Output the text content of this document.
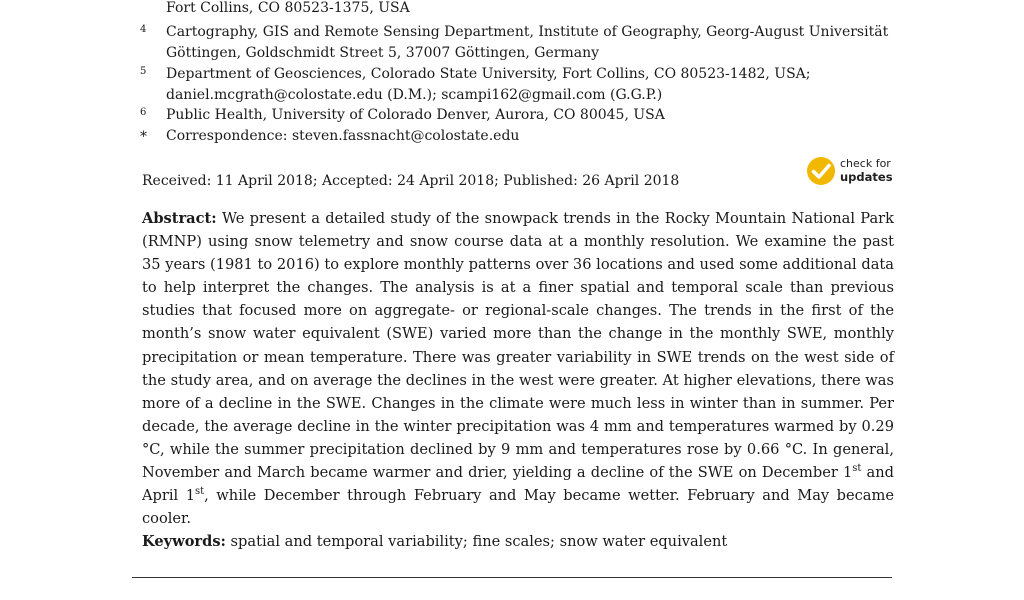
Fort Collins, CO 80523-1375, USA
4	Cartography, GIS and Remote Sensing Department, Institute of Geography, Georg-August Universität
Göttingen, Goldschmidt Street 5, 37007 Göttingen, Germany
5	Department of Geosciences, Colorado State University, Fort Collins, CO 80523-1482, USA;
daniel.mcgrath@colostate.edu (D.M.); scampi162@gmail.com (G.G.P.)
6	Public Health, University of Colorado Denver, Aurora, CO 80045, USA
*	Correspondence: steven.fassnacht@colostate.edu
Received: 11 April 2018; Accepted: 24 April 2018; Published: 26 April 2018
check for
updates
Abstract: We present a detailed study of the snowpack trends in the Rocky Mountain National Park (RMNP) using snow telemetry and snow course data at a monthly resolution. We examine the past 35 years (1981 to 2016) to explore monthly patterns over 36 locations and used some additional data to help interpret the changes. The analysis is at a finer spatial and temporal scale than previous studies that focused more on aggregate- or regional-scale changes. The trends in the first of the month’s snow water equivalent (SWE) varied more than the change in the monthly SWE, monthly precipitation or mean temperature. There was greater variability in SWE trends on the west side of the study area, and on average the declines in the west were greater. At higher elevations, there was more of a decline in the SWE. Changes in the climate were much less in winter than in summer. Per decade, the average decline in the winter precipitation was 4 mm and temperatures warmed by 0.29 °C, while the summer precipitation declined by 9 mm and temperatures rose by 0.66 °C. In general, November and March became warmer and drier, yielding a decline of the SWE on December 1st and April 1st, while December through February and May became wetter. February and May became cooler.
Keywords: spatial and temporal variability; fine scales; snow water equivalent
